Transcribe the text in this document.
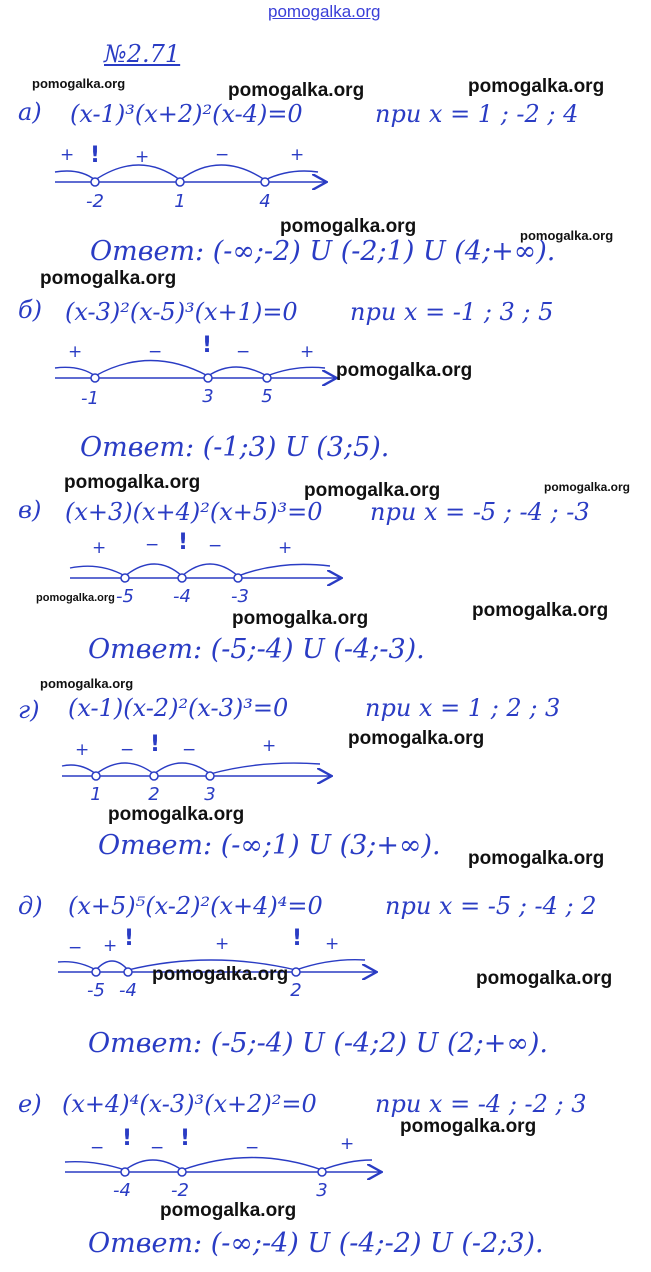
pomogalka.org
№2.71
а) (x-1)³(x+2)²(x-4)=0	при x = 1 ; -2 ; 4
+	+	−	+
!
-2	1	4
Ответ: (-∞;-2) U (-2;1) U (4;+∞).
б) (x-3)²(x-5)³(x+1)=0 при x = -1 ; 3 ; 5
+	−	−	+
!
-1	3	5
Ответ: (-1;3) U (3;5).
в) (x+3)(x+4)²(x+5)³=0 при x = -5 ; -4 ; -3
+ −	−	+
!
-5	-4	-3
Ответ: (-5;-4) U (-4;-3).
г) (x-1)(x-2)²(x-3)³=0	при x = 1 ; 2 ; 3
+ −	−	+
!
1	2	3
Ответ: (-∞;1) U (3;+∞).
д) (x+5)⁵(x-2)²(x+4)⁴=0	при x = -5 ; -4 ; 2
− +	+	+
!	!
-5 -4	2
Ответ: (-5;-4) U (-4;2) U (2;+∞).
е) (x+4)⁴(x-3)³(x+2)²=0 при x = -4 ; -2 ; 3
−	−	−	+
! !
-4	-2	3
Ответ: (-∞;-4) U (-4;-2) U (-2;3).
pomogalka.org	pomogalka.org	pomogalka.org
pomogalka.org	pomogalka.org
pomogalka.org
pomogalka.org
pomogalka.org	pomogalka.org	pomogalka.org
pomogalka.org
pomogalka.org	pomogalka.org
pomogalka.org
pomogalka.org
pomogalka.org
pomogalka.org
pomogalka.org	pomogalka.org
pomogalka.org
pomogalka.org
